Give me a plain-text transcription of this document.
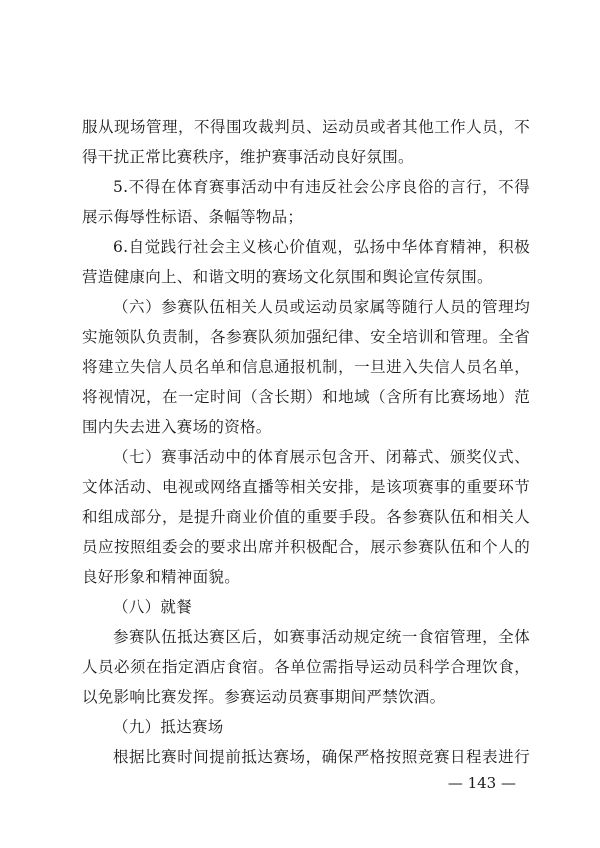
服从现场管理，不得围攻裁判员、运动员或者其他工作人员，不
得干扰正常比赛秩序，维护赛事活动良好氛围。
5.不得在体育赛事活动中有违反社会公序良俗的言行，不得
展示侮辱性标语、条幅等物品；
6.自觉践行社会主义核心价值观，弘扬中华体育精神，积极
营造健康向上、和谐文明的赛场文化氛围和舆论宣传氛围。
（六）参赛队伍相关人员或运动员家属等随行人员的管理均
实施领队负责制，各参赛队须加强纪律、安全培训和管理。全省
将建立失信人员名单和信息通报机制，一旦进入失信人员名单，
将视情况，在一定时间（含长期）和地域（含所有比赛场地）范
围内失去进入赛场的资格。
（七）赛事活动中的体育展示包含开、闭幕式、颁奖仪式、
文体活动、电视或网络直播等相关安排，是该项赛事的重要环节
和组成部分，是提升商业价值的重要手段。各参赛队伍和相关人
员应按照组委会的要求出席并积极配合，展示参赛队伍和个人的
良好形象和精神面貌。
（八）就餐
参赛队伍抵达赛区后，如赛事活动规定统一食宿管理，全体
人员必须在指定酒店食宿。各单位需指导运动员科学合理饮食，
以免影响比赛发挥。参赛运动员赛事期间严禁饮酒。
（九）抵达赛场
根据比赛时间提前抵达赛场，确保严格按照竞赛日程表进行
— 143 —
